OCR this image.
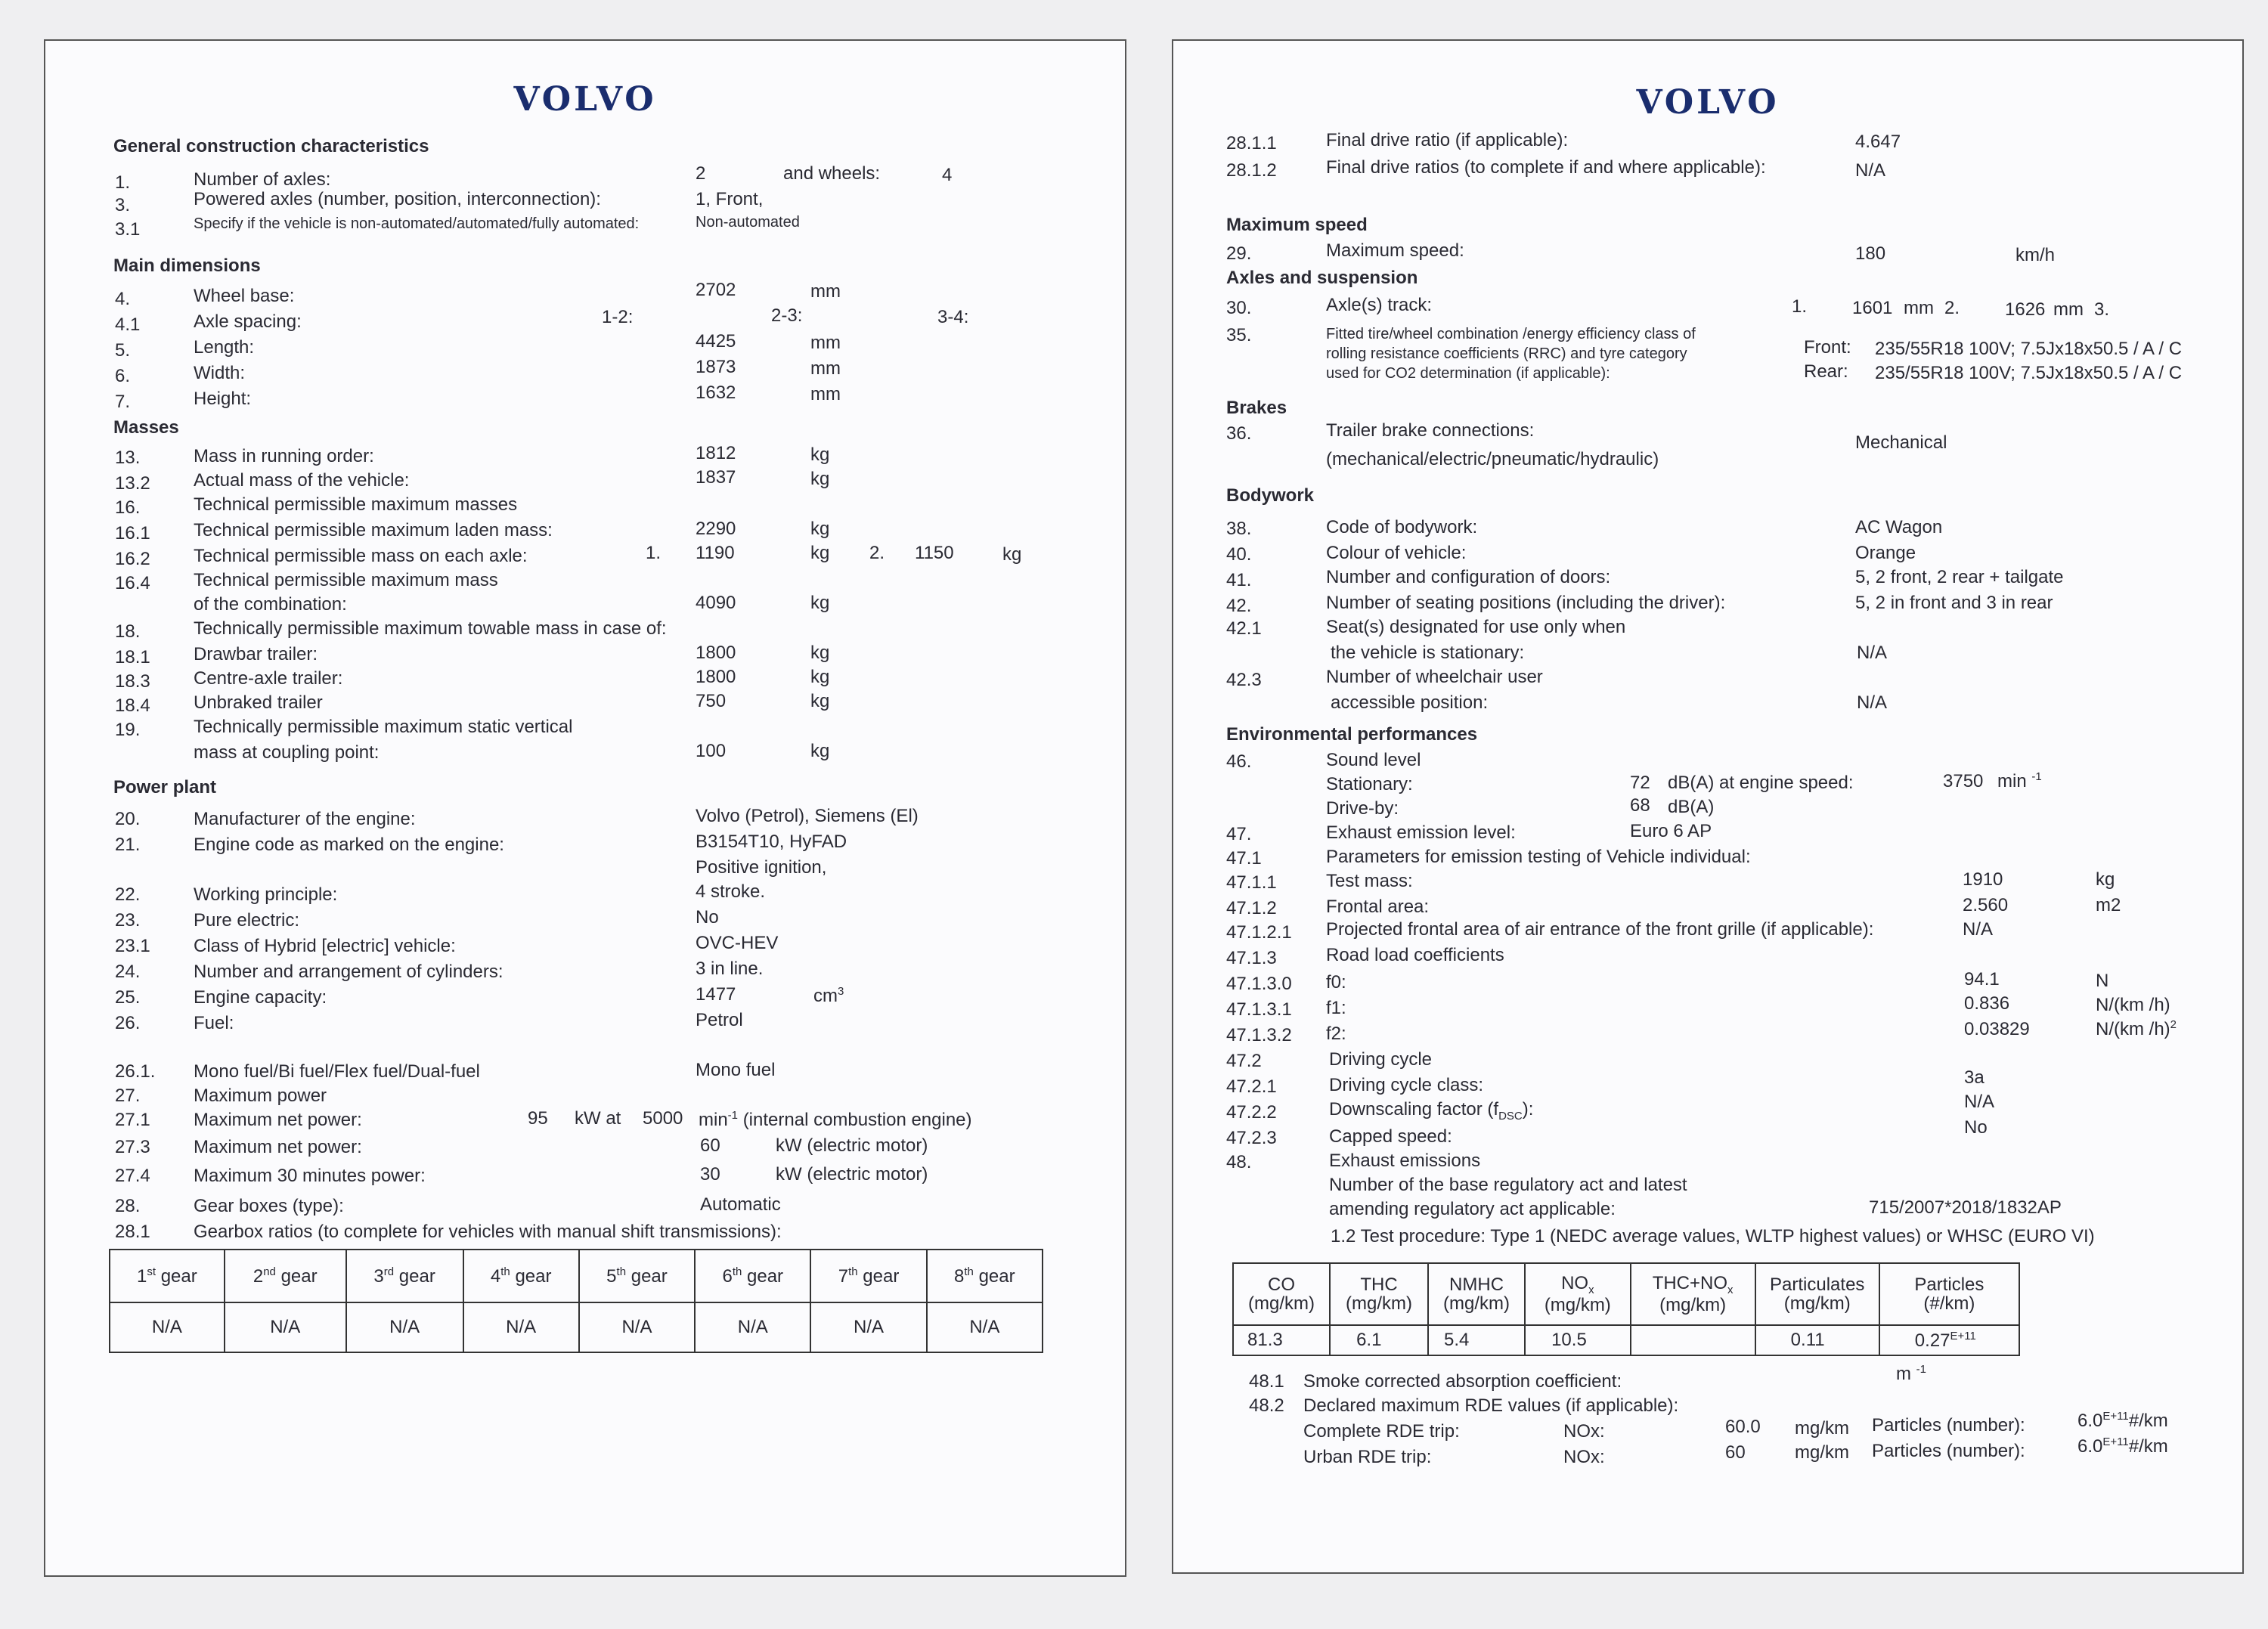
VOLVO
General construction characteristics
1.	Number of axles:	2	and wheels:	4
3.	Powered axles (number, position, interconnection):	1, Front,
3.1	Specify if the vehicle is non-automated/automated/fully automated:	Non-automated
Main dimensions
4.	Wheel base:	2702	mm
4.1	Axle spacing:	1-2:	2-3:	3-4:
5.	Length:	4425	mm
6.	Width:	1873	mm
7.	Height:	1632	mm
Masses
13.	Mass in running order:	1812	kg
13.2 Actual mass of the vehicle:	1837	kg
16.	Technical permissible maximum masses
16.1 Technical permissible maximum laden mass:	2290	kg
16.2 Technical permissible mass on each axle:	1. 1190	kg 2. 1150	kg
16.4 Technical permissible maximum mass
of the combination:	4090	kg
18.	Technically permissible maximum towable mass in case of:
18.1 Drawbar trailer:	1800	kg
18.3 Centre-axle trailer:	1800	kg
18.4 Unbraked trailer	750	kg
19.	Technically permissible maximum static vertical
mass at coupling point:	100	kg
Power plant
20.	Manufacturer of the engine:	Volvo (Petrol), Siemens (El)
21.	Engine code as marked on the engine:	B3154T10, HyFAD
Positive ignition,
22.	Working principle:	4 stroke.
23.	Pure electric:	No
23.1 Class of Hybrid [electric] vehicle:	OVC-HEV
24.	Number and arrangement of cylinders:	3 in line.
25.	Engine capacity:	1477	$cm^3$
26.	Fuel:	Petrol
26.1. Mono fuel/Bi fuel/Flex fuel/Dual-fuel	Mono fuel
27.	Maximum power
27.1 Maximum net power:	95 kW at 5000 $\min^{-1}$ (internal combustion engine)
27.3 Maximum net power:	60	kW (electric motor)
27.4 Maximum 30 minutes power:	30	kW (electric motor)
28.	Gear boxes (type):	Automatic
28.1 Gearbox ratios (to complete for vehicles with manual shift transmissions):
1st gear	2nd gear	3rd gear	4th gear	5th gear	6th gear	7th gear	8th gear
N/A	N/A	N/A	N/A	N/A	N/A	N/A	N/A
VOLVO
28.1.1	Final drive ratio (if applicable):	4.647
28.1.2	Final drive ratios (to complete if and where applicable):	N/A
Maximum speed
29.	Maximum speed:	180	km/h
Axles and suspension
30.	Axle(s) track:	1. 1601 mm 2. 1626 mm 3.
35.	Fitted tire/wheel combination /energy efficiency class of
rolling resistance coefficients (RRC) and tyre category
used for CO2 determination (if applicable):
Front: 235/55R18 100V; 7.5Jx18x50.5 / A / C
Rear: 235/55R18 100V; 7.5Jx18x50.5 / A / C
Brakes
36.	Trailer brake connections:
(mechanical/electric/pneumatic/hydraulic)
Mechanical
Bodywork
38.	Code of bodywork:	AC Wagon
40.	Colour of vehicle:	Orange
41.	Number and configuration of doors:	5, 2 front, 2 rear + tailgate
42.	Number of seating positions (including the driver):	5, 2 in front and 3 in rear
42.1	Seat(s) designated for use only when
the vehicle is stationary:	N/A
42.3	Number of wheelchair user
accessible position:	N/A
Environmental performances
46.	Sound level
Stationary:	72 dB(A) at engine speed:	3750 min $^{-1}$
Drive-by:	68 dB(A)
47.	Exhaust emission level:	Euro 6 AP
47.1	Parameters for emission testing of Vehicle individual:
47.1.1	Test mass:	1910	kg
47.1.2	Frontal area:	2.560	m2
47.1.2.1 Projected frontal area of air entrance of the front grille (if applicable):	N/A
47.1.3	Road load coefficients
47.1.3.0 f0:	94.1	N
47.1.3.1 f1:	0.836	N/(km /h)
47.1.3.2 f2:	0.03829	N/(km /h)$^2$
47.2	Driving cycle
47.2.1	Driving cycle class:	3a
47.2.2	Downscaling factor $(f_{DSC})$:	N/A
47.2.3	Capped speed:	No
48.	Exhaust emissions
Number of the base regulatory act and latest
amending regulatory act applicable:	715/2007*2018/1832AP
1.2 Test procedure: Type 1 (NEDC average values, WLTP highest values) or WHSC (EURO VI)
CO
(mg/km)	THC
(mg/km)	NMHC
(mg/km)	$NO_x$
(mg/km)	$THC+NO_x$
(mg/km)	Particulates
(mg/km)	Particles
(#/km)
81.3	6.1	5.4	10.5		0.11	$0.27^{E+11}$
48.1 Smoke corrected absorption coefficient:	m $^{-1}$
48.2 Declared maximum RDE values (if applicable):
Complete RDE trip:	NOx:	60.0 mg/km Particles (number):	$6.0^{E+11}\#/km$
Urban RDE trip:	NOx:	60	mg/km Particles (number):	$6.0^{E+11}\#/km$
